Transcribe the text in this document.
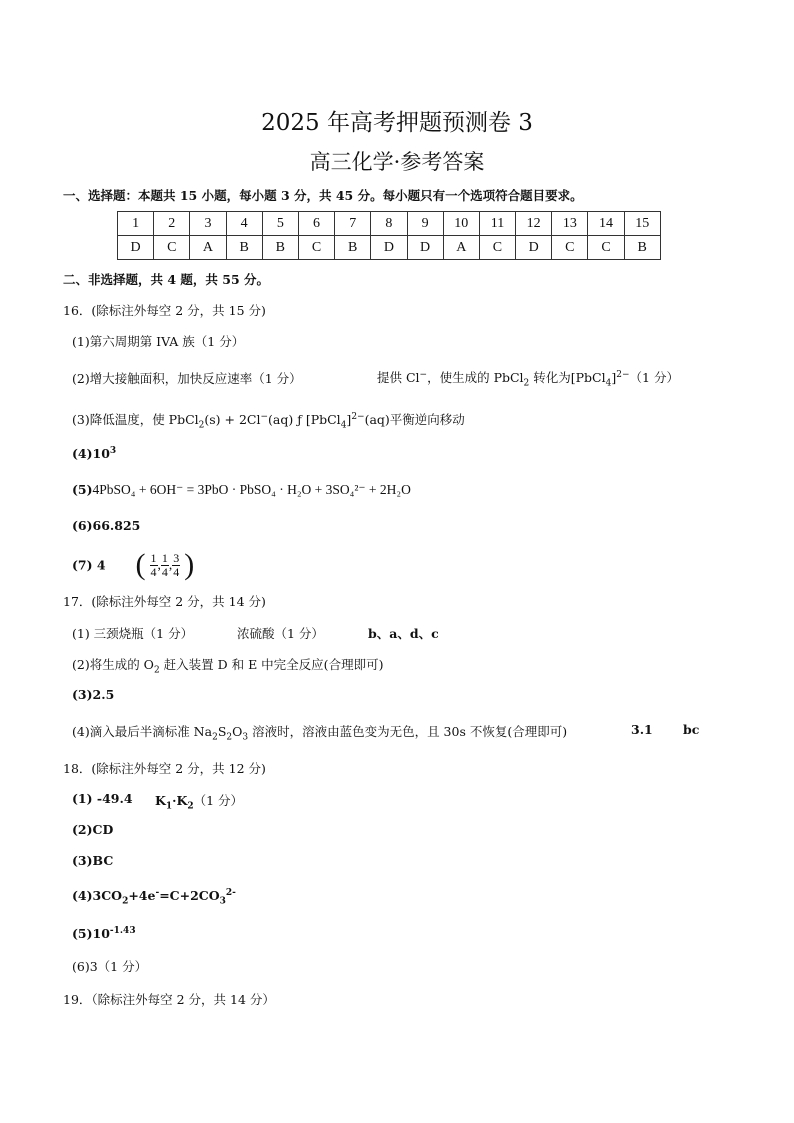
2025 年高考押题预测卷 3
高三化学·参考答案
一、选择题：本题共 15 小题，每小题 3 分，共 45 分。每小题只有一个选项符合题目要求。
1	2	3	4	5	6	7	8	9	10	11	12	13	14	15
D	C	A	B	B	C	B	D	D	A	C	D	C	C	B
二、非选择题，共 4 题，共 55 分。
16．(除标注外每空 2 分，共 15 分)
(1)第六周期第 IVA 族（1 分）
(2)增大接触面积，加快反应速率（1 分）	提供 Cl−，使生成的 PbCl$_2$ 转化为[PbCl$_4$]$^{2-}$（1 分）
(3)降低温度，使 PbCl$_2$(s) + 2Cl−(aq) ƒ [PbCl$_4$]$^{2-}$(aq)平衡逆向移动
$(4)10^3$
(5)4PbSO₄ + 6OH⁻ = 3PbO · PbSO₄ · H₂O + 3SO₄²⁻ + 2H₂O
(6)66.825
(7) 4 ( $\frac{1}{4}$ , $\frac{1}{4}$ , $\frac{3}{4}$ )
17．(除标注外每空 2 分，共 14 分)
(1) 三颈烧瓶（1 分）	浓硫酸（1 分）	b、a、d、c
(2)将生成的 $O_2$ 赶入装置 D 和 E 中完全反应(合理即可)
(3)2.5
(4)滴入最后半滴标准 $Na_2S_2O_3$ 溶液时，溶液由蓝色变为无色，且 30s 不恢复(合理即可)	3.1 bc
18．(除标注外每空 2 分，共 12 分)
(1) -49.4 $K_1\cdot K_2(1$ 分）
(2)CD
(3)BC
$(4)3CO_2+4e^-=C+2CO_3^{2-}$
$(5)10^{-1.43}$
(6)3（1 分）
19．（除标注外每空 2 分，共 14 分）
